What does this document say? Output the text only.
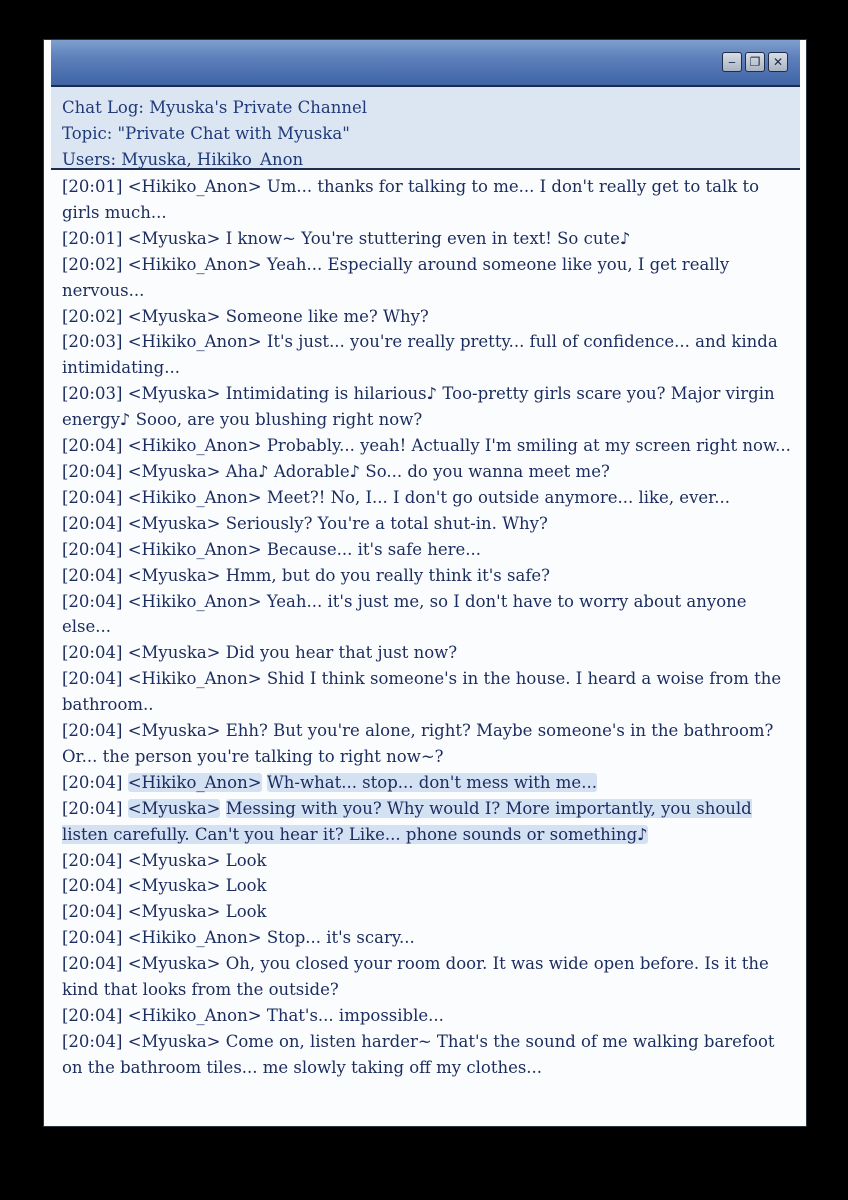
‒	❐	✕
Chat Log: Myuska's Private Channel
Topic: "Private Chat with Myuska"
Users: Myuska, Hikiko_Anon
[20:01] <Hikiko_Anon> Um... thanks for talking to me... I don't really get to talk to girls much...
[20:01] <Myuska> I know~ You're stuttering even in text! So cute♪
[20:02] <Hikiko_Anon> Yeah... Especially around someone like you, I get really nervous...
[20:02] <Myuska> Someone like me? Why?
[20:03] <Hikiko_Anon> It's just... you're really pretty... full of confidence... and kinda intimidating...
[20:03] <Myuska> Intimidating is hilarious♪ Too-pretty girls scare you? Major virgin energy♪ Sooo, are you blushing right now?
[20:04] <Hikiko_Anon> Probably... yeah! Actually I'm smiling at my screen right now...
[20:04] <Myuska> Aha♪ Adorable♪ So... do you wanna meet me?
[20:04] <Hikiko_Anon> Meet?! No, I... I don't go outside anymore... like, ever...
[20:04] <Myuska> Seriously? You're a total shut-in. Why?
[20:04] <Hikiko_Anon> Because... it's safe here...
[20:04] <Myuska> Hmm, but do you really think it's safe?
[20:04] <Hikiko_Anon> Yeah... it's just me, so I don't have to worry about anyone else...
[20:04] <Myuska> Did you hear that just now?
[20:04] <Hikiko_Anon> Shid I think someone's in the house. I heard a woise from the bathroom..
[20:04] <Myuska> Ehh? But you're alone, right? Maybe someone's in the bathroom? Or... the person you're talking to right now~?
[20:04] <Hikiko_Anon> Wh-what... stop... don't mess with me...
[20:04] <Myuska> Messing with you? Why would I? More importantly, you should listen carefully. Can't you hear it? Like... phone sounds or something♪
[20:04] <Myuska> Look
[20:04] <Myuska> Look
[20:04] <Myuska> Look
[20:04] <Hikiko_Anon> Stop... it's scary...
[20:04] <Myuska> Oh, you closed your room door. It was wide open before. Is it the kind that looks from the outside?
[20:04] <Hikiko_Anon> That's... impossible...
[20:04] <Myuska> Come on, listen harder~ That's the sound of me walking barefoot on the bathroom tiles... me slowly taking off my clothes...
